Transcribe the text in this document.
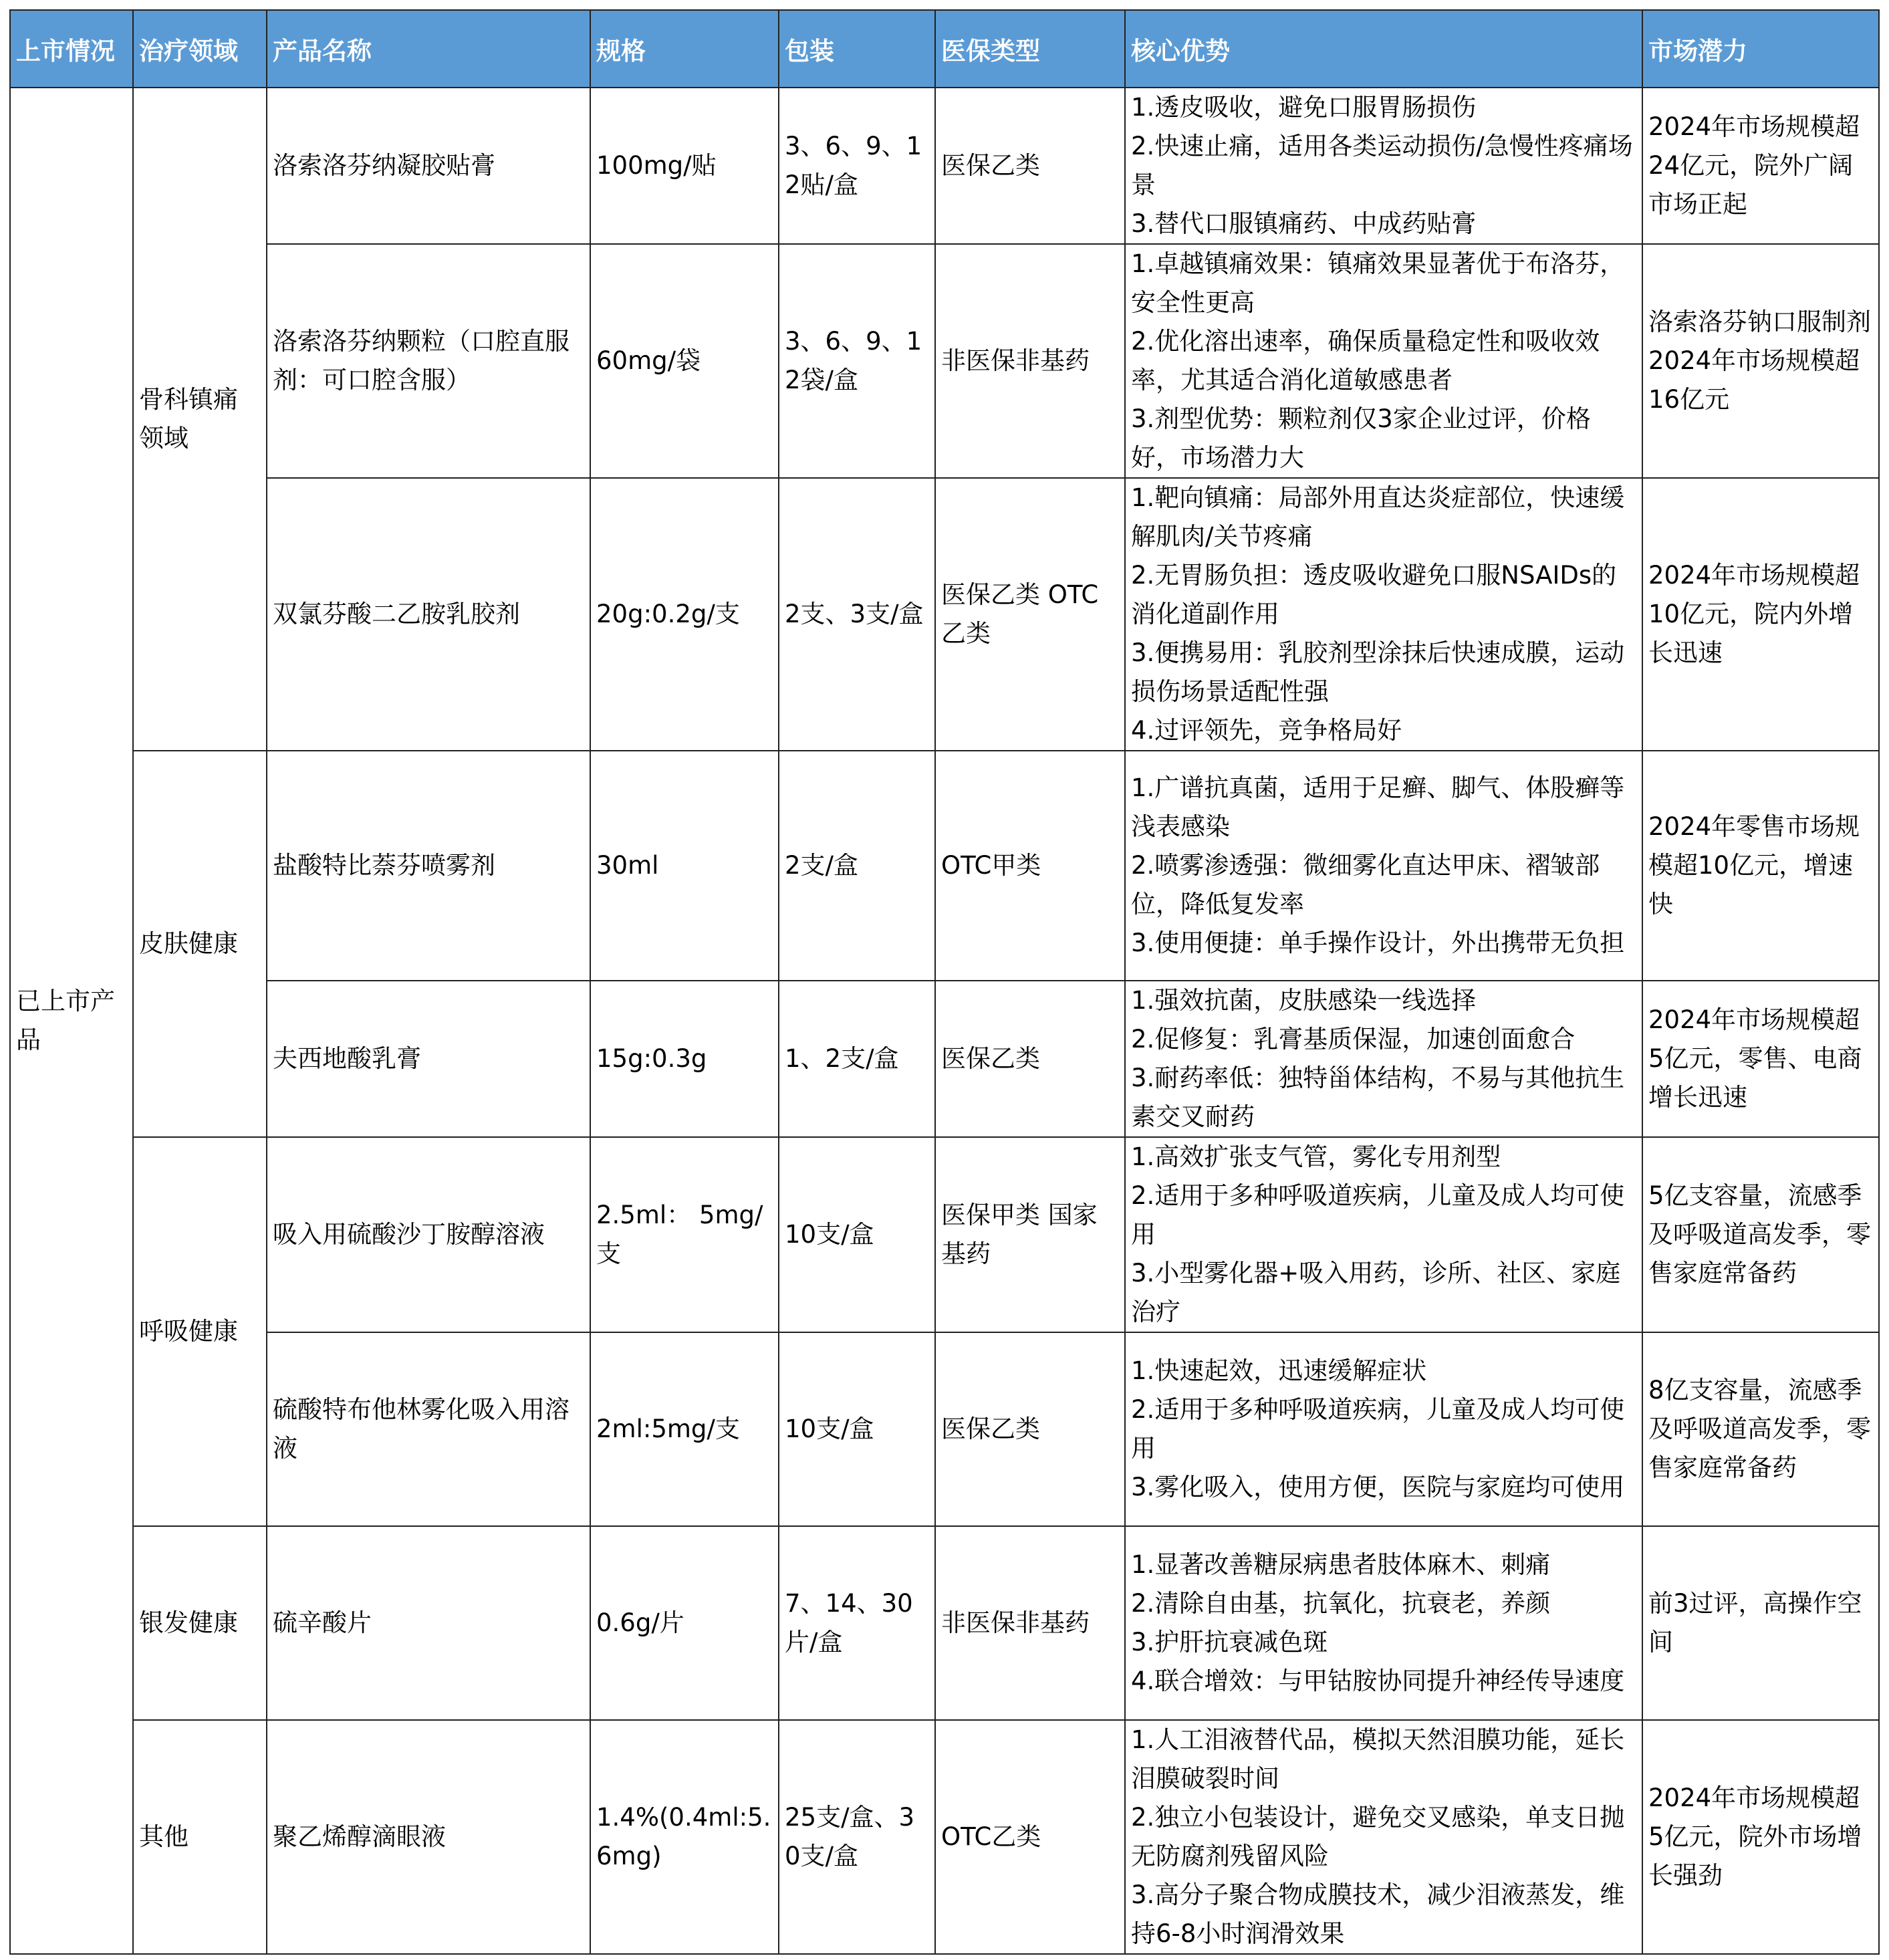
上市情况	治疗领域	产品名称	规格	包装	医保类型	核心优势	市场潜力
已上市产品	骨科镇痛领域	洛索洛芬纳凝胶贴膏	100mg/贴	3、6、9、12贴/盒	医保乙类	1.透皮吸收，避免口服胃肠损伤
2.快速止痛，适用各类运动损伤/急慢性疼痛场景
3.替代口服镇痛药、中成药贴膏	2024年市场规模超24亿元，院外广阔市场正起
		洛索洛芬纳颗粒（口腔直服剂：可口腔含服）	60mg/袋	3、6、9、12袋/盒	非医保非基药	1.卓越镇痛效果：镇痛效果显著优于布洛芬，安全性更高
2.优化溶出速率，确保质量稳定性和吸收效率，尤其适合消化道敏感患者
3.剂型优势：颗粒剂仅3家企业过评，价格好，市场潜力大	洛索洛芬钠口服制剂2024年市场规模超16亿元
		双氯芬酸二乙胺乳胶剂	20g:0.2g/支	2支、3支/盒	医保乙类 OTC乙类	1.靶向镇痛：局部外用直达炎症部位，快速缓解肌肉/关节疼痛
2.无胃肠负担：透皮吸收避免口服NSAIDs的消化道副作用
3.便携易用：乳胶剂型涂抹后快速成膜，运动损伤场景适配性强
4.过评领先，竞争格局好	2024年市场规模超10亿元，院内外增长迅速
	皮肤健康	盐酸特比萘芬喷雾剂	30ml	2支/盒	OTC甲类	1.广谱抗真菌，适用于足癣、脚气、体股癣等浅表感染
2.喷雾渗透强：微细雾化直达甲床、褶皱部位，降低复发率
3.使用便捷：单手操作设计，外出携带无负担	2024年零售市场规模超10亿元，增速快
		夫西地酸乳膏	15g:0.3g	1、2支/盒	医保乙类	1.强效抗菌，皮肤感染一线选择
2.促修复：乳膏基质保湿，加速创面愈合
3.耐药率低：独特甾体结构，不易与其他抗生素交叉耐药	2024年市场规模超5亿元，零售、电商增长迅速
	呼吸健康	吸入用硫酸沙丁胺醇溶液	2.5ml： 5mg/支	10支/盒	医保甲类 国家基药	1.高效扩张支气管，雾化专用剂型
2.适用于多种呼吸道疾病，儿童及成人均可使用
3.小型雾化器+吸入用药，诊所、社区、家庭治疗	5亿支容量，流感季及呼吸道高发季，零售家庭常备药
		硫酸特布他林雾化吸入用溶液	2ml:5mg/支	10支/盒	医保乙类	1.快速起效，迅速缓解症状
2.适用于多种呼吸道疾病，儿童及成人均可使用
3.雾化吸入，使用方便，医院与家庭均可使用	8亿支容量，流感季及呼吸道高发季，零售家庭常备药
	银发健康	硫辛酸片	0.6g/片	7、14、30片/盒	非医保非基药	1.显著改善糖尿病患者肢体麻木、刺痛
2.清除自由基，抗氧化，抗衰老，养颜
3.护肝抗衰减色斑
4.联合增效：与甲钴胺协同提升神经传导速度	前3过评，高操作空间
	其他	聚乙烯醇滴眼液	1.4%(0.4ml:5.6mg)	25支/盒、30支/盒	OTC乙类	1.人工泪液替代品，模拟天然泪膜功能，延长泪膜破裂时间
2.独立小包装设计，避免交叉感染，单支日抛无防腐剂残留风险
3.高分子聚合物成膜技术，减少泪液蒸发，维持6-8小时润滑效果	2024年市场规模超5亿元，院外市场增长强劲
